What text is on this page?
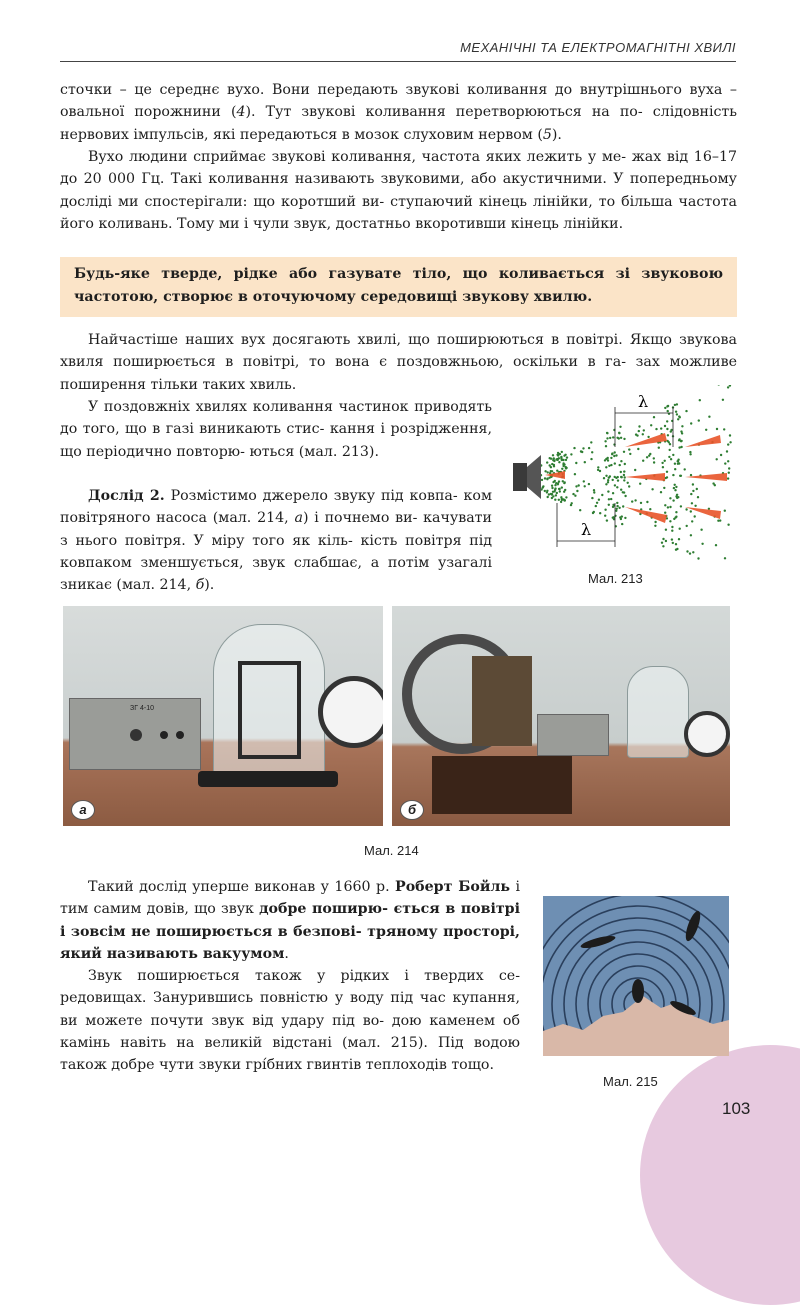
МЕХАНІЧНІ ТА ЕЛЕКТРОМАГНІТНІ ХВИЛІ

сточки – це середнє вухо. Вони передають звукові коливання до внутрішнього вуха – овальної порожнини (4). Тут звукові коливання перетворюються на по- слідовність нервових імпульсів, які передаються в мозок слуховим нервом (5).

Вухо людини сприймає звукові коливання, частота яких лежить у ме- жах від 16–17 до 20 000 Гц. Такі коливання називають звуковими, або акустичними. У попередньому досліді ми спостерігали: що коротший ви- ступаючий кінець лінійки, то більша частота його коливань. Тому ми і чули звук, достатньо вкоротивши кінець лінійки.

Будь-яке тверде, рідке або газувате тіло, що коливається зі звуковою частотою, створює в оточуючому середовищі звукову хвилю.

Найчастіше наших вух досягають хвилі, що поширюються в повітрі. Якщо звукова хвиля поширюється в повітрі, то вона є поздовжньою, оскільки в га- зах можливе поширення тільки таких хвиль.

У поздовжніх хвилях коливання частинок приводять до того, що в газі виникають стис- кання і розрідження, що періодично повторю- ються (мал. 213).

Дослід 2. Розмістимо джерело звуку під ковпа- ком повітряного насоса (мал. 214, а) і почнемо ви- качувати з нього повітря. У міру того як кіль- кість повітря під ковпаком зменшується, звук слабшає, а потім узагалі зникає (мал. 214, б).

λ
λ
Мал. 213
ЗГ 4-10
а	б
Мал. 214

Такий дослід уперше виконав у 1660 р. Роберт Бойль і тим самим довів, що звук добре поширю- ється в повітрі і зовсім не поширюється в безпові- тряному просторі, який називають вакуумом.

Звук поширюється також у рідких і твердих се- редовищах. Занурившись повністю у воду під час купання, ви можете почути звук від удару під во- дою каменем об камінь навіть на великій відстані (мал. 215). Під водою також добре чути звуки грíбних гвинтів теплоходів тощо.

Мал. 215
103
